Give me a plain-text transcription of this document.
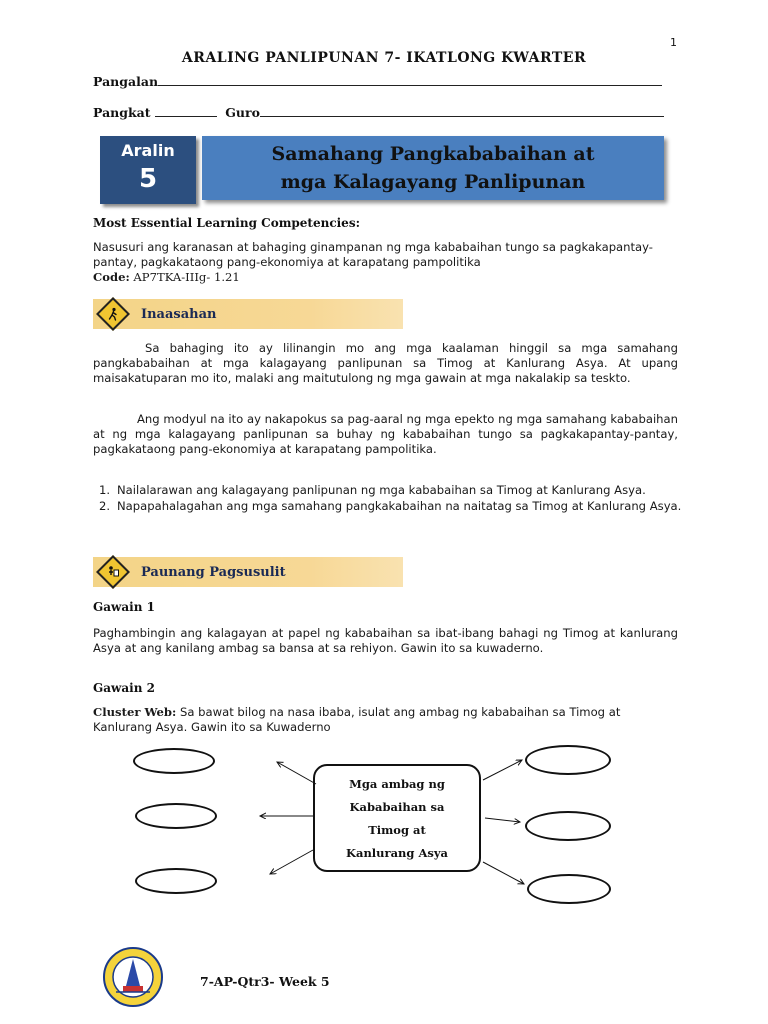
1
ARALING PANLIPUNAN 7- IKATLONG KWARTER
Pangalan
Pangkat	Guro
Aralin
5
Samahang Pangkababaihan at
mga Kalagayang Panlipunan
Most Essential Learning Competencies:
Nasusuri ang karanasan at bahaging ginampanan ng mga kababaihan tungo sa pagkakapantay-pantay, pagkakataong pang-ekonomiya at karapatang pampolitika
Code: AP7TKA-IIIg- 1.21
Inaasahan
Sa bahaging ito ay lilinangin mo ang mga kaalaman hinggil sa mga samahang pangkababaihan at mga kalagayang panlipunan sa Timog at Kanlurang Asya. At upang maisakatuparan mo ito, malaki ang maitutulong ng mga gawain at mga nakalakip sa teskto.
Ang modyul na ito ay nakapokus sa pag-aaral ng mga epekto ng mga samahang kababaihan at ng mga kalagayang panlipunan sa buhay ng kababaihan tungo sa pagkakapantay-pantay, pagkakataong pang-ekonomiya at karapatang pampolitika.
1. Nailalarawan ang kalagayang panlipunan ng mga kababaihan sa Timog at Kanlurang Asya.
2. Napapahalagahan ang mga samahang pangkakabaihan na naitatag sa Timog at Kanlurang Asya.
Paunang Pagsusulit
Gawain 1
Paghambingin ang kalagayan at papel ng kababaihan sa ibat-ibang bahagi ng Timog at kanlurang Asya at ang kanilang ambag sa bansa at sa rehiyon. Gawin ito sa kuwaderno.
Gawain 2
Cluster Web: Sa bawat bilog na nasa ibaba, isulat ang ambag ng kababaihan sa Timog at Kanlurang Asya. Gawin ito sa Kuwaderno
Mga ambag ng
Kababaihan sa
Timog at
Kanlurang Asya
7-AP-Qtr3- Week 5
